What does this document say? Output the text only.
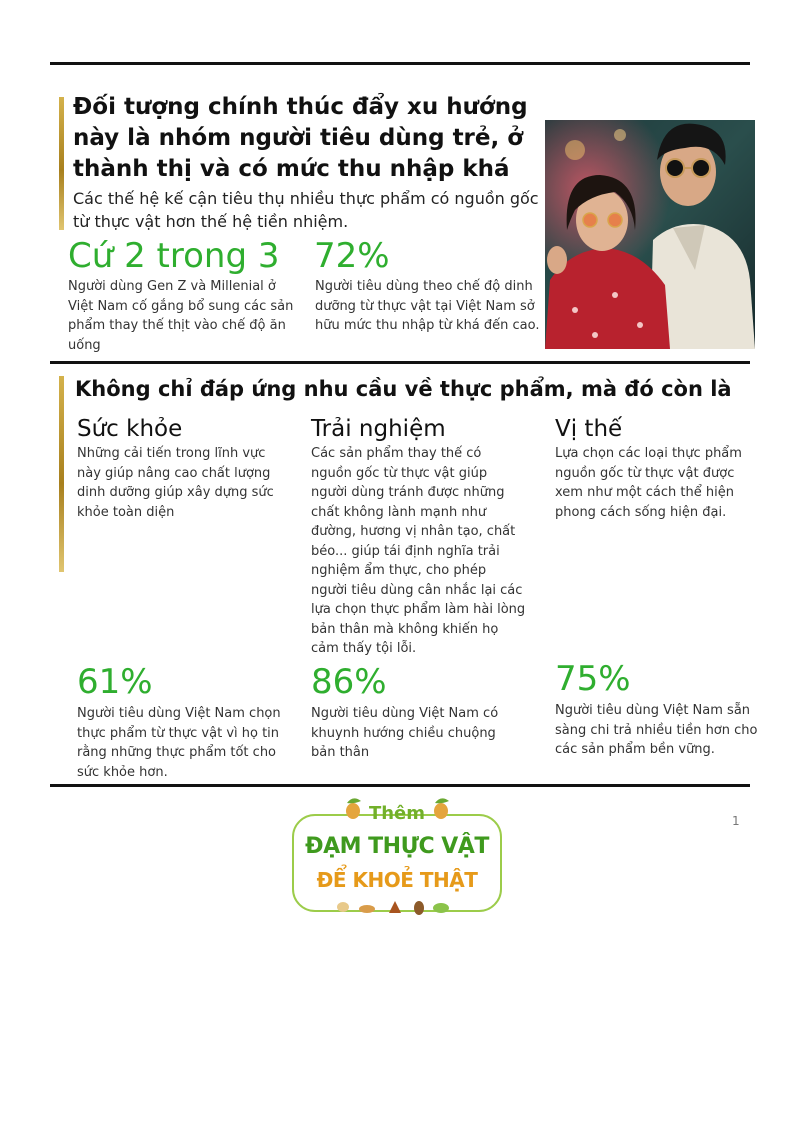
Đối tượng chính thúc đẩy xu hướng này là nhóm người tiêu dùng trẻ, ở thành thị và có mức thu nhập khá
Các thế hệ kế cận tiêu thụ nhiều thực phẩm có nguồn gốc từ thực vật hơn thế hệ tiền nhiệm.
Cứ 2 trong 3
Người dùng Gen Z và Millenial ở Việt Nam cố gắng bổ sung các sản phẩm thay thế thịt vào chế độ ăn uống
72%
Người tiêu dùng theo chế độ dinh dưỡng từ thực vật tại Việt Nam sở hữu mức thu nhập từ khá đến cao.
Không chỉ đáp ứng nhu cầu về thực phẩm, mà đó còn là
Sức khỏe
Những cải tiến trong lĩnh vực này giúp nâng cao chất lượng dinh dưỡng giúp xây dựng sức khỏe toàn diện
Trải nghiệm
Các sản phẩm thay thế có nguồn gốc từ thực vật giúp người dùng tránh được những chất không lành mạnh như đường, hương vị nhân tạo, chất béo... giúp tái định nghĩa trải nghiệm ẩm thực, cho phép người tiêu dùng cân nhắc lại các lựa chọn thực phẩm làm hài lòng bản thân mà không khiến họ cảm thấy tội lỗi.
Vị thế
Lựa chọn các loại thực phẩm nguồn gốc từ thực vật được xem như một cách thể hiện phong cách sống hiện đại.
61%
Người tiêu dùng Việt Nam chọn thực phẩm từ thực vật vì họ tin rằng những thực phẩm tốt cho sức khỏe hơn.
86%
Người tiêu dùng Việt Nam có khuynh hướng chiều chuộng bản thân
75%
Người tiêu dùng Việt Nam sẵn sàng chi trả nhiều tiền hơn cho các sản phẩm bền vững.
Thêm
ĐẠM THỰC VẬT
ĐỂ KHOẺ THẬT
1
